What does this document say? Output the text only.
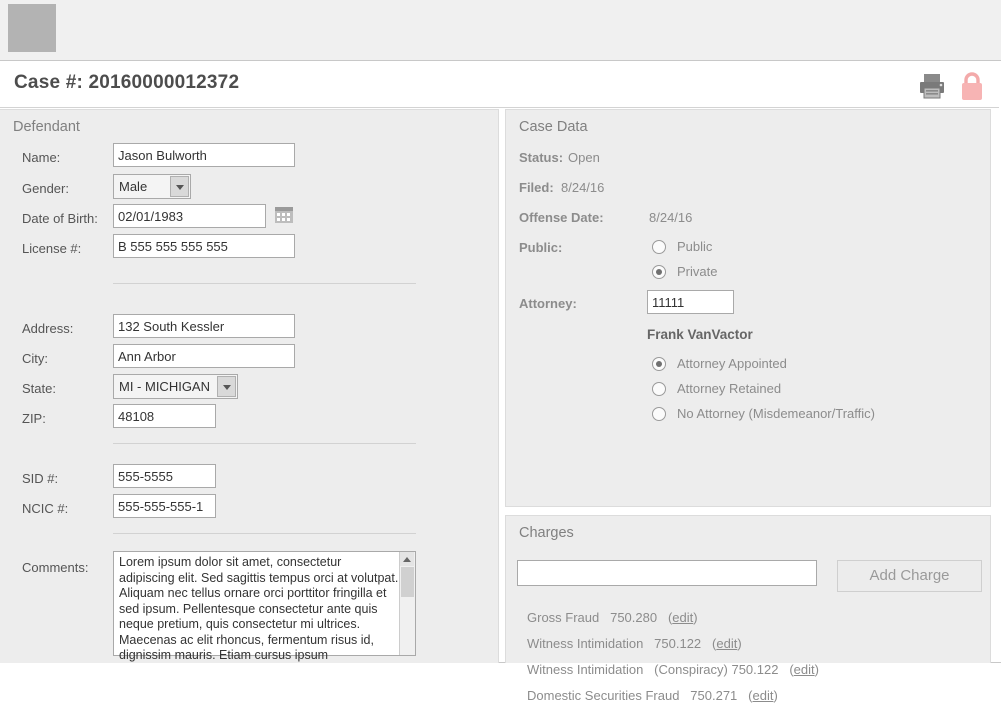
Case #: 20160000012372
Defendant
Name:
Jason Bulworth
Gender:	Male
Date of Birth:
02/01/1983
License #:
B 555 555 555 555
Address:
132 South Kessler
City:
Ann Arbor
State:	MI - MICHIGAN
ZIP:
48108
SID #:
555-5555
NCIC #:
555-555-555-1
Comments: Lorem ipsum dolor sit amet, consectetur adipiscing elit. Sed sagittis tempus orci at volutpat. Aliquam nec tellus ornare orci porttitor fringilla et sed ipsum. Pellentesque consectetur ante quis neque pretium, quis consectetur mi ultrices. Maecenas ac elit rhoncus, fermentum risus id, dignissim mauris. Etiam cursus ipsum
Case Data
Status: Open
Filed: 8/24/16
Offense Date:	8/24/16
Public:	Public
Private
Attorney:
11111
Frank VanVactor
Attorney Appointed
Attorney Retained
No Attorney (Misdemeanor/Traffic)
Charges
Add Charge
Gross Fraud 750.280 (edit)
Witness Intimidation 750.122 (edit)
Witness Intimidation (Conspiracy) 750.122 (edit)
Domestic Securities Fraud 750.271 (edit)
